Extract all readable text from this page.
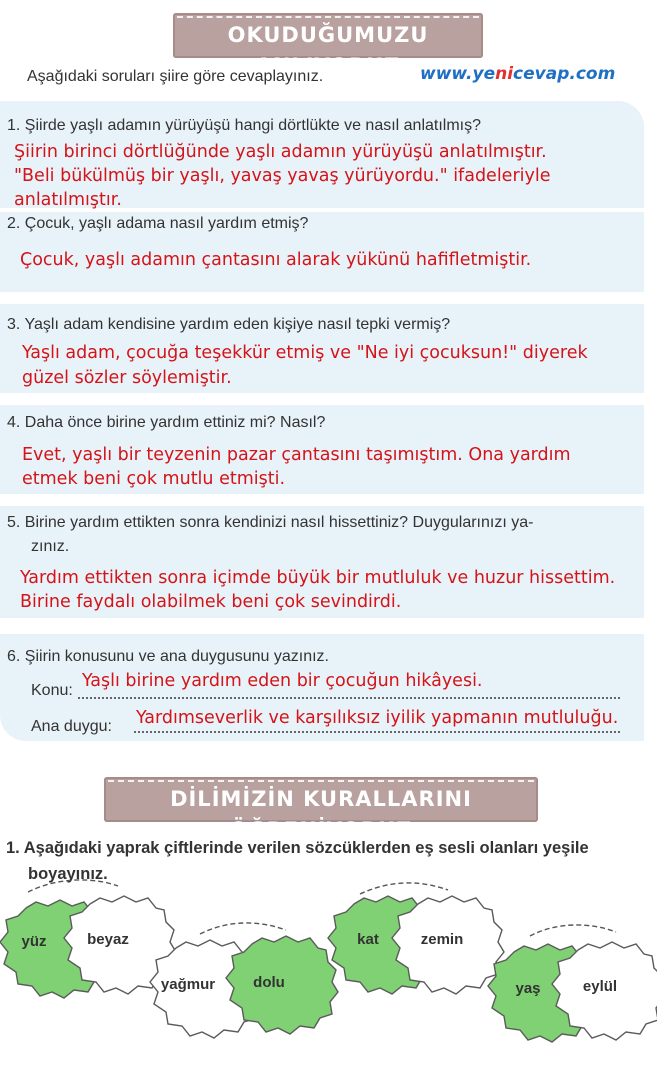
OKUDUĞUMUZU ANLIYORUZ
Aşağıdaki soruları şiire göre cevaplayınız.	www.yenicevap.com
1. Şiirde yaşlı adamın yürüyüşü hangi dörtlükte ve nasıl anlatılmış?
Şiirin birinci dörtlüğünde yaşlı adamın yürüyüşü anlatılmıştır.
"Beli bükülmüş bir yaşlı, yavaş yavaş yürüyordu." ifadeleriyle
anlatılmıştır.
2. Çocuk, yaşlı adama nasıl yardım etmiş?
Çocuk, yaşlı adamın çantasını alarak yükünü hafifletmiştir.
3. Yaşlı adam kendisine yardım eden kişiye nasıl tepki vermiş?
Yaşlı adam, çocuğa teşekkür etmiş ve "Ne iyi çocuksun!" diyerek
güzel sözler söylemiştir.
4. Daha önce birine yardım ettiniz mi? Nasıl?
Evet, yaşlı bir teyzenin pazar çantasını taşımıştım. Ona yardım
etmek beni çok mutlu etmişti.
5. Birine yardım ettikten sonra kendinizi nasıl hissettiniz? Duygularınızı ya-
zınız.
Yardım ettikten sonra içimde büyük bir mutluluk ve huzur hissettim.
Birine faydalı olabilmek beni çok sevindirdi.
6. Şiirin konusunu ve ana duygusunu yazınız.
Konu: Yaşlı birine yardım eden bir çocuğun hikâyesi.
Ana duygu: Yardımseverlik ve karşılıksız iyilik yapmanın mutluluğu.
DİLİMİZİN KURALLARINI ÖĞRENİYORUZ
1. Aşağıdaki yaprak çiftlerinde verilen sözcüklerden eş sesli olanları yeşile
boyayınız.
yüz	beyaz
yağmur	dolu
kat	zemin
yaş	eylül
